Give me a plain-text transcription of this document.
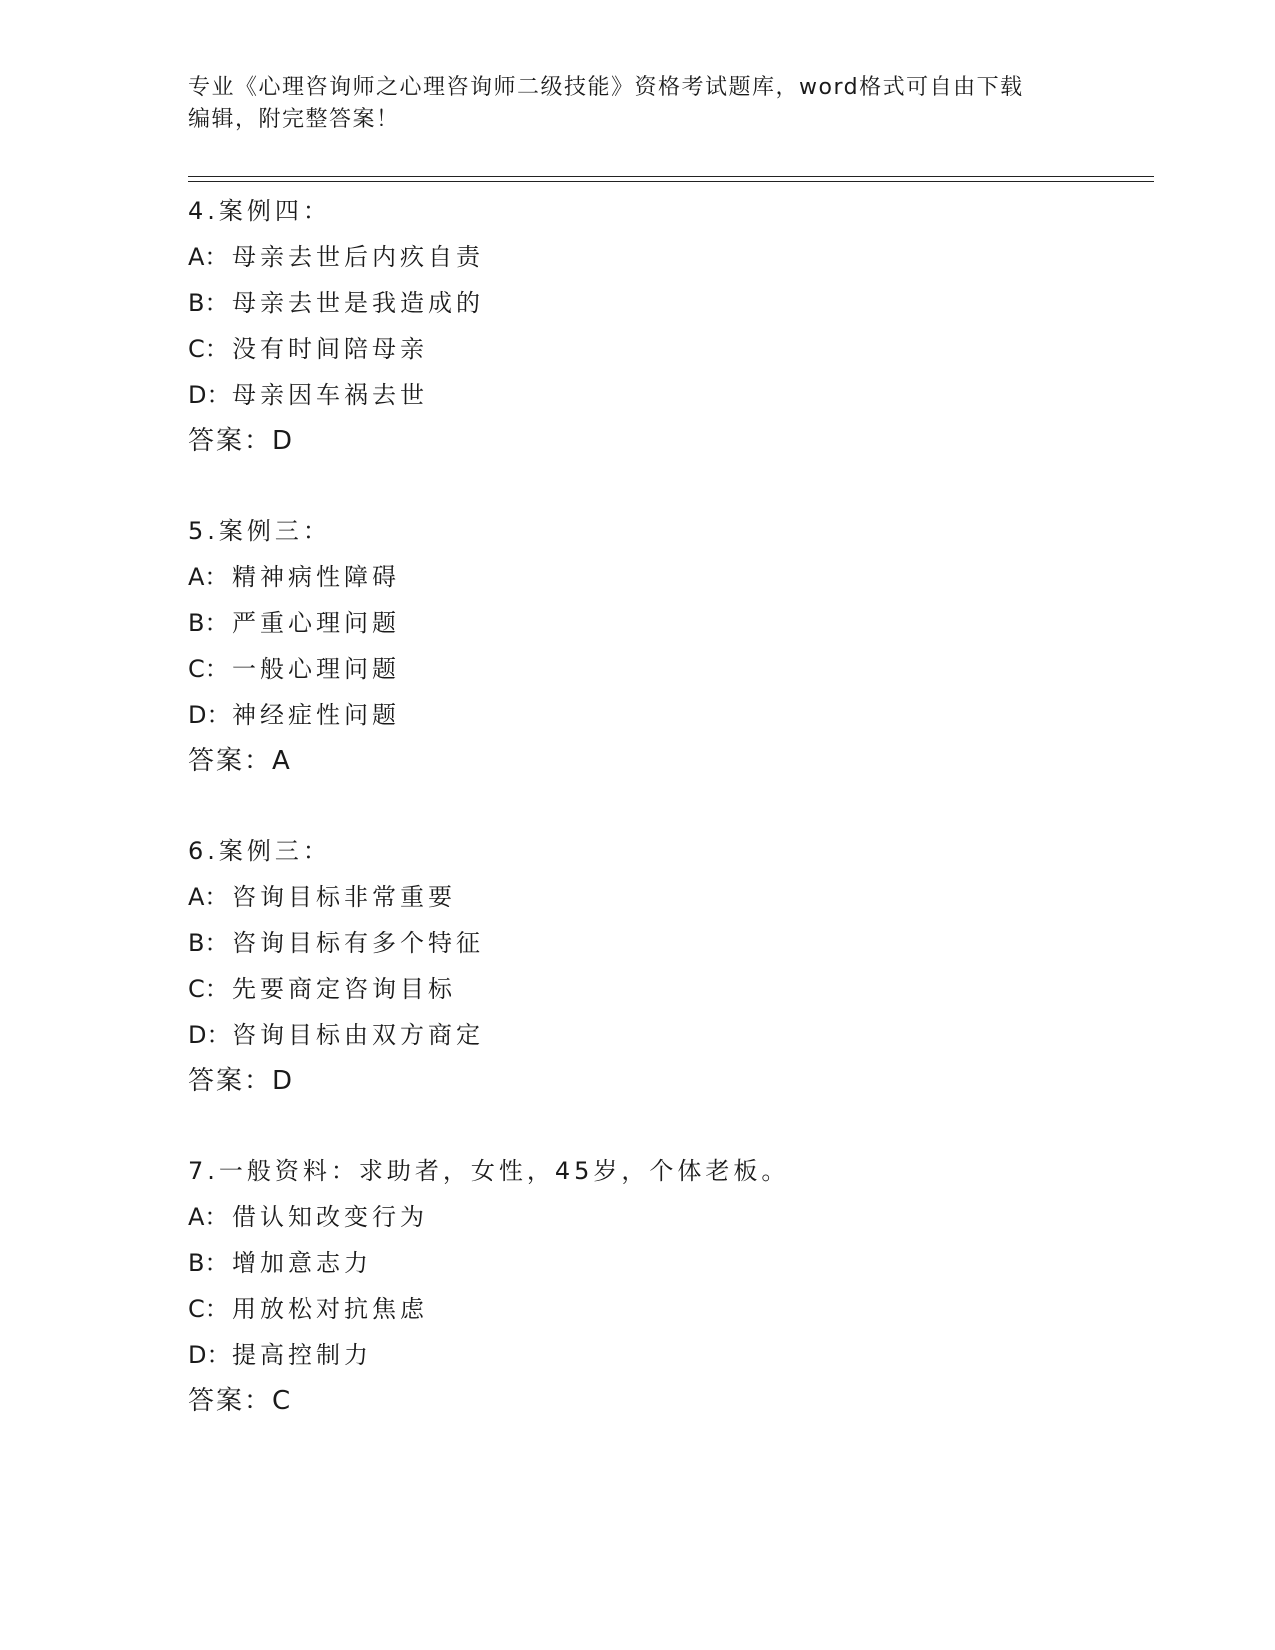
专业《心理咨询师之心理咨询师二级技能》资格考试题库，word格式可自由下载
编辑，附完整答案！
4.案例四：
A： 母亲去世后内疚自责
B： 母亲去世是我造成的
C： 没有时间陪母亲
D：母亲因车祸去世
答案：D
5.案例三：
A： 精神病性障碍
B： 严重心理问题
C： 一般心理问题
D：神经症性问题
答案：A
6.案例三：
A： 咨询目标非常重要
B： 咨询目标有多个特征
C： 先要商定咨询目标
D：咨询目标由双方商定
答案：D
7.一般资料：求助者，女性，45岁，个体老板。
A： 借认知改变行为
B： 增加意志力
C： 用放松对抗焦虑
D：提高控制力
答案：C
